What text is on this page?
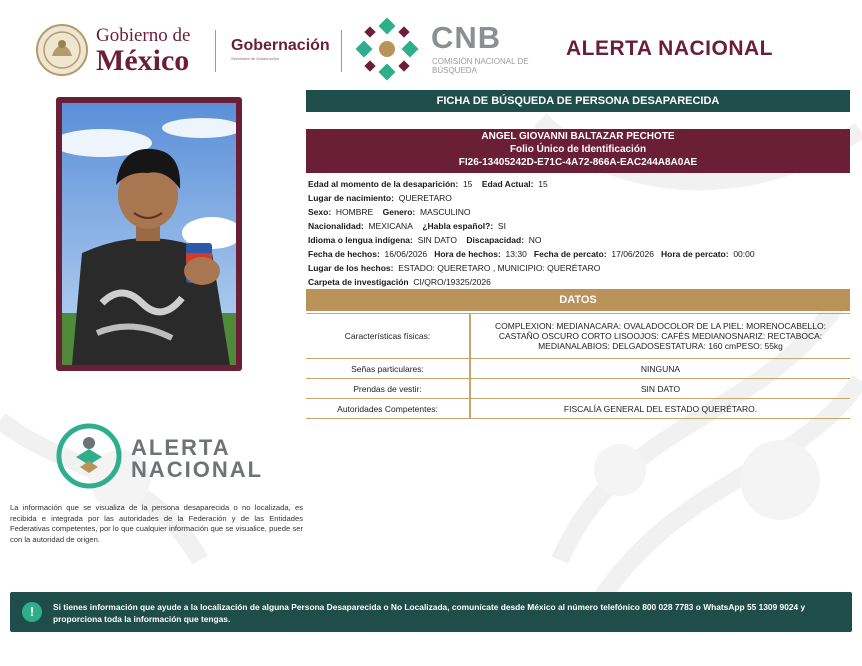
Gobierno de
México	Gobernación
Secretaría de Gobernación
CNB
COMISIÓN NACIONAL DE BÚSQUEDA
ALERTA NACIONAL
FICHA DE BÚSQUEDA DE PERSONA DESAPARECIDA
ANGEL GIOVANNI BALTAZAR PECHOTE
Folio Único de Identificación
FI26-13405242D-E71C-4A72-866A-EAC244A8A0AE
Edad al momento de la desaparición: 15 Edad Actual: 15
Lugar de nacimiento: QUERETARO
Sexo: HOMBRE Genero: MASCULINO
Nacionalidad: MEXICANA ¿Habla español?: SI
Idioma o lengua indígena: SIN DATO Discapacidad: NO
Fecha de hechos: 16/06/2026 Hora de hechos: 13:30 Fecha de percato: 17/06/2026 Hora de percato: 00:00
Lugar de los hechos: ESTADO: QUERETARO , MUNICIPIO: QUERÉTARO
Carpeta de investigación CI/QRO/19325/2026
DATOS
Características físicas:	COMPLEXION: MEDIANACARA: OVALADOCOLOR DE LA PIEL: MORENOCABELLO: CASTAÑO OSCURO CORTO LISOOJOS: CAFÉS MEDIANOSNARIZ: RECTABOCA: MEDIANALABIOS: DELGADOSESTATURA: 160 cmPESO: 55kg
Señas particulares:	NINGUNA
Prendas de vestir:	SIN DATO
Autoridades Competentes:	FISCALÍA GENERAL DEL ESTADO QUERÉTARO.
ALERTA
NACIONAL
La información que se visualiza de la persona desaparecida o no localizada, es recibida e integrada por las autoridades de la Federación y de las Entidades Federativas competentes, por lo que cualquier información que se visualice, puede ser con la autoridad de origen.
!	Si tienes información que ayude a la localización de alguna Persona Desaparecida o No Localizada, comunícate desde México al número telefónico 800 028 7783 o WhatsApp 55 1309 9024 y proporciona toda la información que tengas.
